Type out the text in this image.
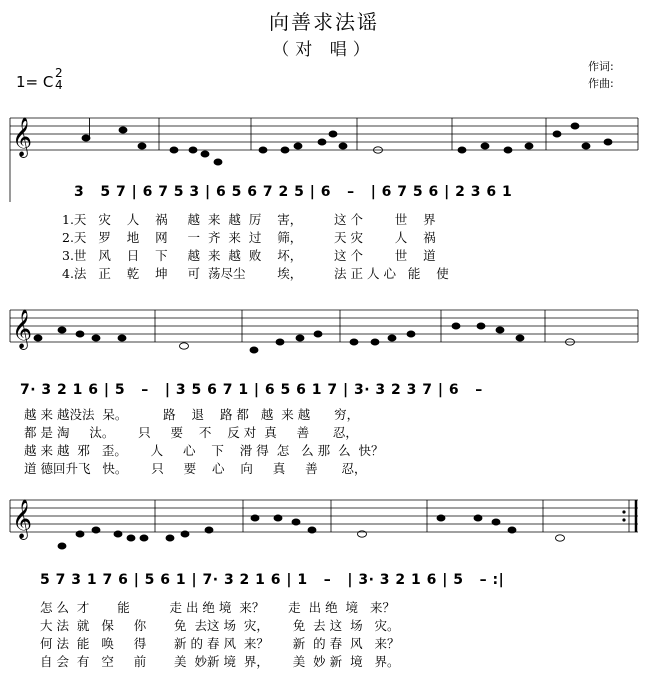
向善求法谣
（对 唱）
作词:
作曲:
1= C 2
4
𝄞
𝄞
𝄞
3   5 7 | 6 7 5 3 | 6 5 6 7 2 5 | 6   –   | 6 7 5 6 | 2 3 6 1
7· 3 2 1 6 | 5   –   | 3 5 6 7 1 | 6 5 6 1 7 | 3· 3 2 3 7 | 6   –
5 7 3 1 7 6 | 5 6 1 | 7· 3 2 1 6 | 1   –   | 3· 3 2 1 6 | 5   – :|
1.天   灾    人    祸     越  来  越  厉    害，        这 个        世    界
2.天   罗    地    网     一  齐  来  过    筛，        天 灾        人    祸
3.世   风    日    下     越  来  越  败    坏，        这 个        世    道
4.法   正    乾    坤     可  荡尽尘        埃，        法 正 人 心   能    使
越 来 越没法  呆。         路    退    路 都   越  来 越      穷，
都 是 淘     汰。      只     要    不    反 对  真     善      忍，
越 来 越  邪   歪。      人     心    下    滑 得  怎   么 那  么  快？
道 德回升飞   快。      只     要    心    向     真     善      忍，
怎 么  才       能          走 出 绝 境  来？      走  出 绝  境   来？
大 法  就   保     你       免  去这 场  灾，      免  去 这  场   灾。
何 法  能   唤     得       新 的 春 风  来？      新  的 春  风   来？
自 会  有   空     前       美  妙新 境  界，      美  妙 新  境   界。
